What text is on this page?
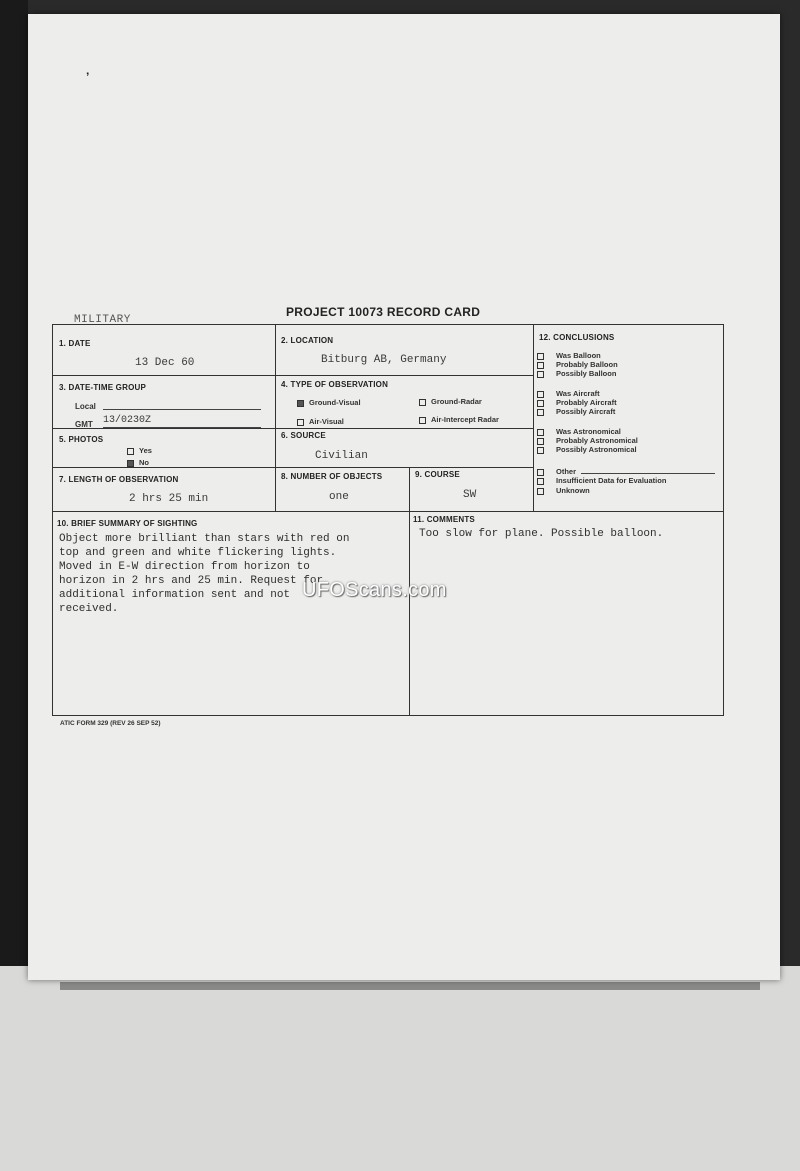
’
MILITARY
PROJECT 10073 RECORD CARD
1. DATE
13 Dec 60
2. LOCATION
Bitburg AB, Germany
3. DATE-TIME GROUP
Local
GMT 13/0230Z
4. TYPE OF OBSERVATION
Ground-Visual	Ground-Radar
Air-Visual	Air-Intercept Radar
5. PHOTOS
Yes
No
6. SOURCE
Civilian
7. LENGTH OF OBSERVATION
2 hrs 25 min
8. NUMBER OF OBJECTS
one
9. COURSE
SW
10. BRIEF SUMMARY OF SIGHTING
Object more brilliant than stars with red on
top and green and white flickering lights.
Moved in E-W direction from horizon to
horizon in 2 hrs and 25 min. Request for
additional information sent and not
received.
11. COMMENTS
Too slow for plane. Possible balloon.
12. CONCLUSIONS
Was Balloon
Probably Balloon
Possibly Balloon
Was Aircraft
Probably Aircraft
Possibly Aircraft
Was Astronomical
Probably Astronomical
Possibly Astronomical
Other
Insufficient Data for Evaluation
Unknown
ATIC FORM 329 (REV 26 SEP 52)
UFOScans.com
